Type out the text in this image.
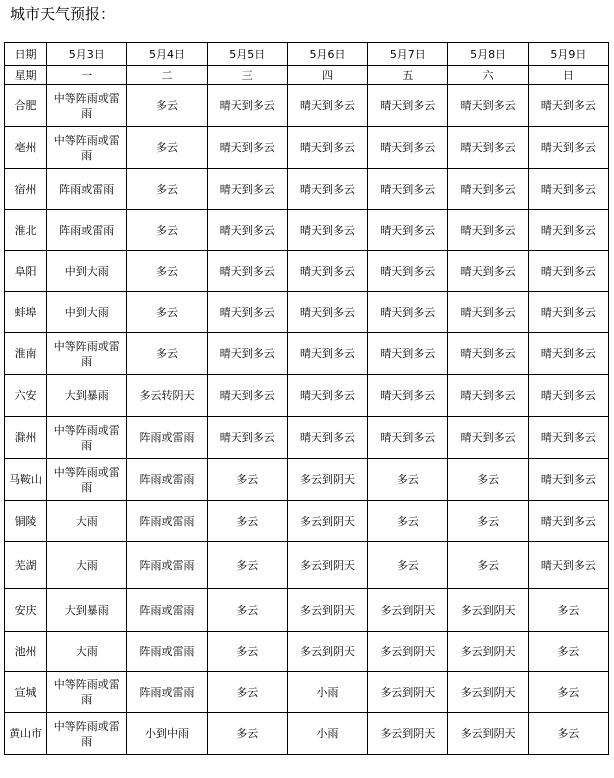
城市天气预报：
日期	5月3日	5月4日	5月5日	5月6日	5月7日	5月8日	5月9日
星期	一	二	三	四	五	六	日
合肥	中等阵雨或雷雨	多云	晴天到多云	晴天到多云	晴天到多云	晴天到多云	晴天到多云
亳州	中等阵雨或雷雨	多云	晴天到多云	晴天到多云	晴天到多云	晴天到多云	晴天到多云
宿州	阵雨或雷雨	多云	晴天到多云	晴天到多云	晴天到多云	晴天到多云	晴天到多云
淮北	阵雨或雷雨	多云	晴天到多云	晴天到多云	晴天到多云	晴天到多云	晴天到多云
阜阳	中到大雨	多云	晴天到多云	晴天到多云	晴天到多云	晴天到多云	晴天到多云
蚌埠	中到大雨	多云	晴天到多云	晴天到多云	晴天到多云	晴天到多云	晴天到多云
淮南	中等阵雨或雷雨	多云	晴天到多云	晴天到多云	晴天到多云	晴天到多云	晴天到多云
六安	大到暴雨	多云转阴天	晴天到多云	晴天到多云	晴天到多云	晴天到多云	晴天到多云
滁州	中等阵雨或雷雨	阵雨或雷雨	晴天到多云	晴天到多云	晴天到多云	晴天到多云	晴天到多云
马鞍山	中等阵雨或雷雨	阵雨或雷雨	多云	多云到阴天	多云	多云	晴天到多云
铜陵	大雨	阵雨或雷雨	多云	多云到阴天	多云	多云	晴天到多云
芜湖	大雨	阵雨或雷雨	多云	多云到阴天	多云	多云	晴天到多云
安庆	大到暴雨	阵雨或雷雨	多云	多云到阴天	多云到阴天	多云到阴天	多云
池州	大雨	阵雨或雷雨	多云	多云到阴天	多云到阴天	多云到阴天	多云
宣城	中等阵雨或雷雨	阵雨或雷雨	多云	小雨	多云到阴天	多云到阴天	多云
黄山市	中等阵雨或雷雨	小到中雨	多云	小雨	多云到阴天	多云到阴天	多云
